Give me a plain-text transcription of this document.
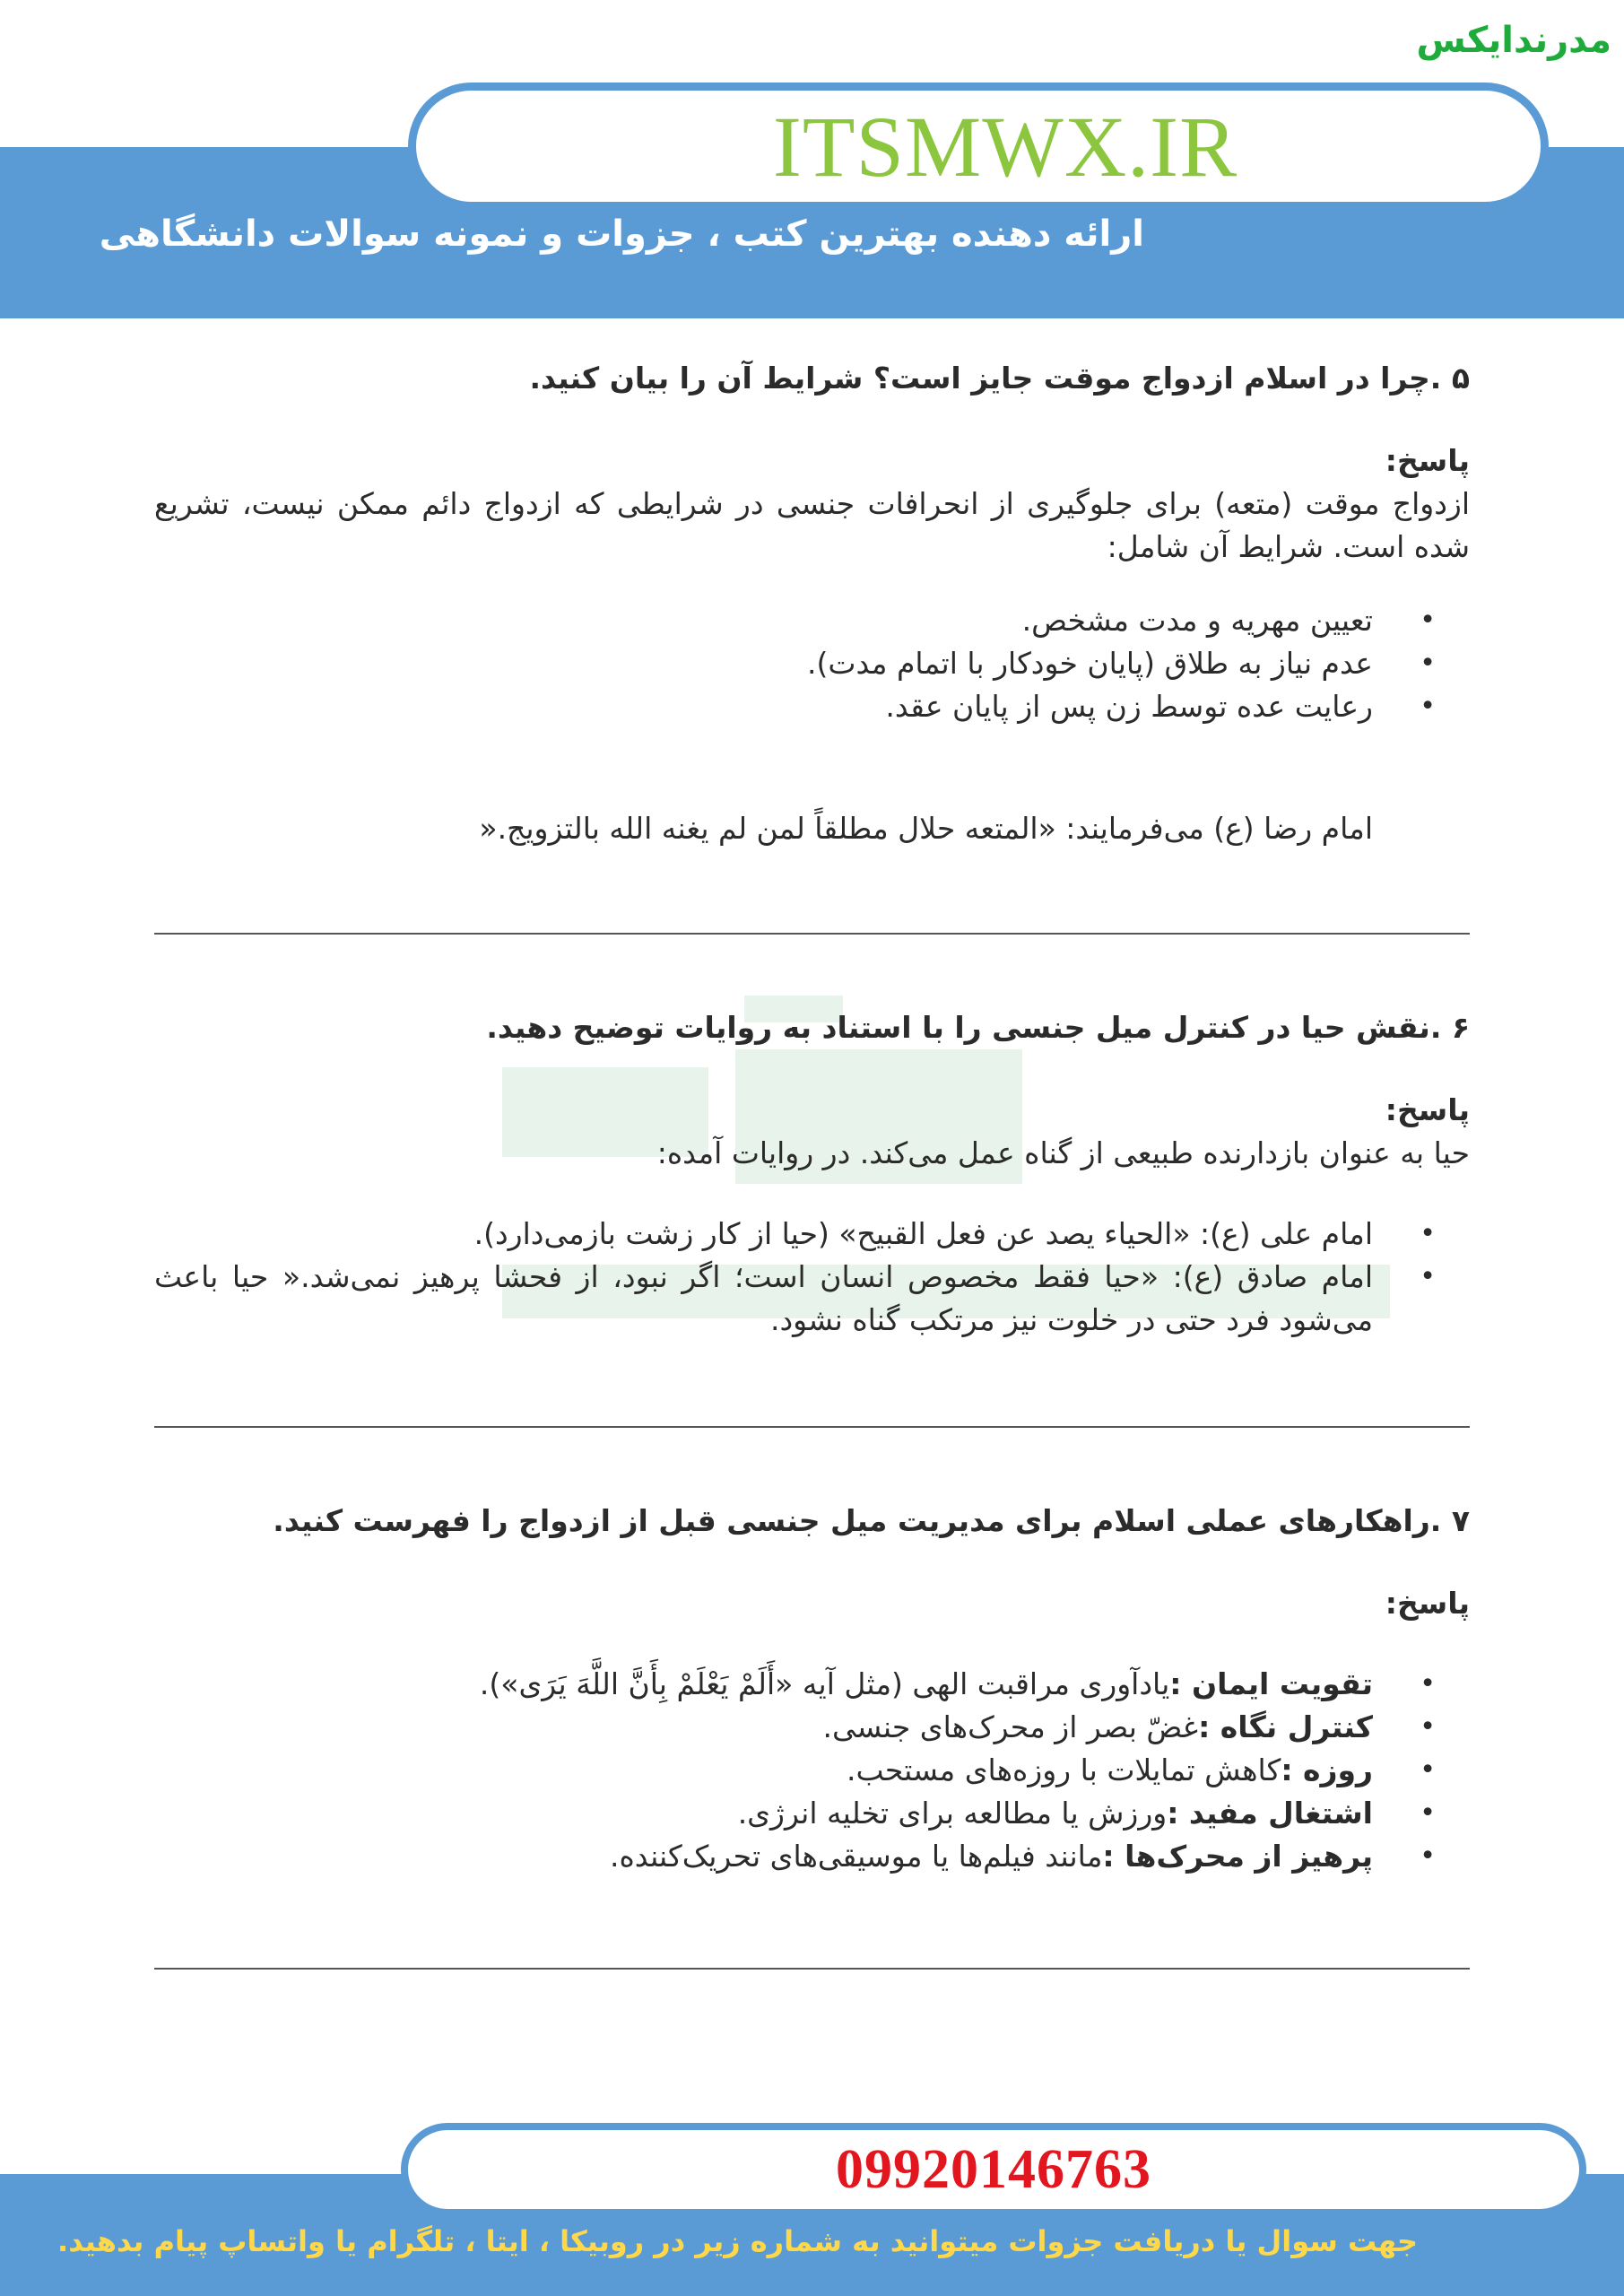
مدرندایکس
ITSMWX.IR
ارائه دهنده بهترین کتب ، جزوات و نمونه سوالات دانشگاهی

۵ .چرا در اسلام ازدواج موقت جایز است؟ شرایط آن را بیان کنید.

پاسخ:

ازدواج موقت (متعه) برای جلوگیری از انحرافات جنسی در شرایطی که ازدواج دائم ممکن نیست، تشریع شده است. شرایط آن شامل:

•
تعیین مهریه و مدت مشخص.
•
عدم نیاز به طلاق (پایان خودکار با اتمام مدت).
•
رعایت عده توسط زن پس از پایان عقد.

امام رضا (ع) می‌فرمایند: «المتعه حلال مطلقاً لمن لم یغنه الله بالتزویج.«

۶ .نقش حیا در کنترل میل جنسی را با استناد به روایات توضیح دهید.

پاسخ:

حیا به عنوان بازدارنده طبیعی از گناه عمل می‌کند. در روایات آمده:

•
امام علی (ع): «الحیاء یصد عن فعل القبیح» (حیا از کار زشت بازمی‌دارد).
•
امام صادق (ع): «حیا فقط مخصوص انسان است؛ اگر نبود، از فحشا پرهیز نمی‌شد.« حیا باعث می‌شود فرد حتی در خلوت نیز مرتکب گناه نشود.

۷ .راهکارهای عملی اسلام برای مدیریت میل جنسی قبل از ازدواج را فهرست کنید.

پاسخ:

•
تقویت ایمان :یادآوری مراقبت الهی (مثل آیه «أَلَمْ یَعْلَمْ بِأَنَّ اللَّهَ یَرَى»).
•
کنترل نگاه :غضّ بصر از محرک‌های جنسی.
•
روزه :کاهش تمایلات با روزه‌های مستحب.
•
اشتغال مفید :ورزش یا مطالعه برای تخلیه انرژی.
•
پرهیز از محرک‌ها :مانند فیلم‌ها یا موسیقی‌های تحریک‌کننده.
09920146763
جهت سوال یا دریافت جزوات میتوانید به شماره زیر در روبیکا ، ایتا ، تلگرام یا واتساپ پیام بدهید.
